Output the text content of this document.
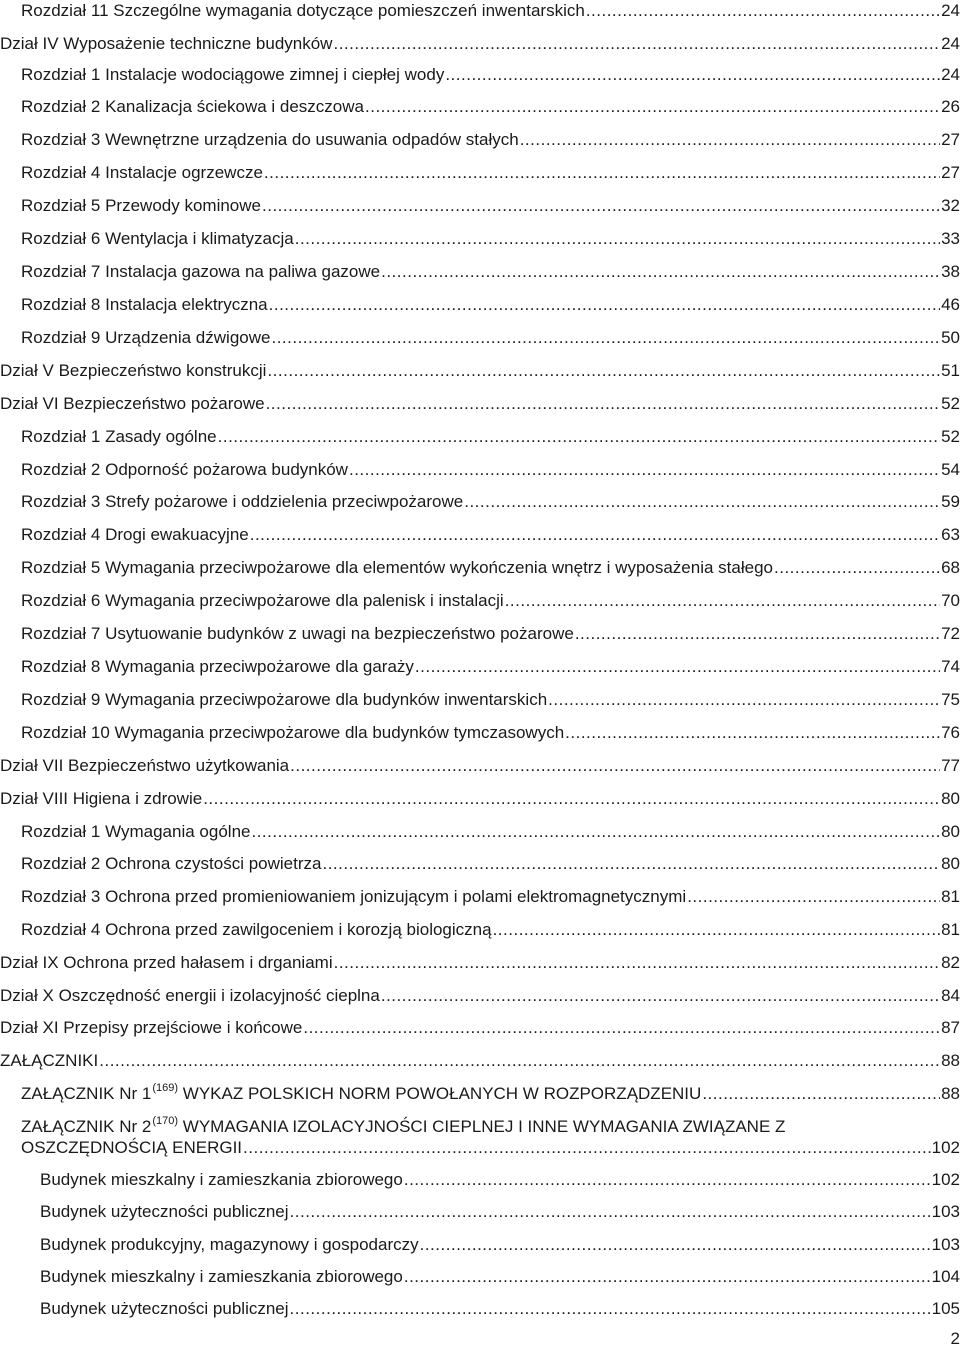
Rozdział 11 Szczególne wymagania dotyczące pomieszczeń inwentarskich .....	24
Dział IV Wyposażenie techniczne budynków .....	24
Rozdział 1 Instalacje wodociągowe zimnej i ciepłej wody .....	24
Rozdział 2 Kanalizacja ściekowa i deszczowa .....	26
Rozdział 3 Wewnętrzne urządzenia do usuwania odpadów stałych .....	27
Rozdział 4 Instalacje ogrzewcze .....	27
Rozdział 5 Przewody kominowe .....	32
Rozdział 6 Wentylacja i klimatyzacja .....	33
Rozdział 7 Instalacja gazowa na paliwa gazowe .....	38
Rozdział 8 Instalacja elektryczna .....	46
Rozdział 9 Urządzenia dźwigowe .....	50
Dział V Bezpieczeństwo konstrukcji .....	51
Dział VI Bezpieczeństwo pożarowe .....	52
Rozdział 1 Zasady ogólne .....	52
Rozdział 2 Odporność pożarowa budynków .....	54
Rozdział 3 Strefy pożarowe i oddzielenia przeciwpożarowe .....	59
Rozdział 4 Drogi ewakuacyjne .....	63
Rozdział 5 Wymagania przeciwpożarowe dla elementów wykończenia wnętrz i wyposażenia stałego .....	68
Rozdział 6 Wymagania przeciwpożarowe dla palenisk i instalacji .....	70
Rozdział 7 Usytuowanie budynków z uwagi na bezpieczeństwo pożarowe .....	72
Rozdział 8 Wymagania przeciwpożarowe dla garaży .....	74
Rozdział 9 Wymagania przeciwpożarowe dla budynków inwentarskich .....	75
Rozdział 10 Wymagania przeciwpożarowe dla budynków tymczasowych .....	76
Dział VII Bezpieczeństwo użytkowania .....	77
Dział VIII Higiena i zdrowie .....	80
Rozdział 1 Wymagania ogólne .....	80
Rozdział 2 Ochrona czystości powietrza .....	80
Rozdział 3 Ochrona przed promieniowaniem jonizującym i polami elektromagnetycznymi .....	81
Rozdział 4 Ochrona przed zawilgoceniem i korozją biologiczną .....	81
Dział IX Ochrona przed hałasem i drganiami .....	82
Dział X Oszczędność energii i izolacyjność cieplna .....	84
Dział XI Przepisy przejściowe i końcowe .....	87
ZAŁĄCZNIKI .....	88
ZAŁĄCZNIK Nr 1$^{(169)}$ WYKAZ POLSKICH NORM POWOŁANYCH W ROZPORZĄDZENIU .....	88
ZAŁĄCZNIK Nr 2$^{(170)}$ WYMAGANIA IZOLACYJNOŚCI CIEPLNEJ I INNE WYMAGANIA ZWIĄZANE Z
OSZCZĘDNOŚCIĄ ENERGII .....	102
Budynek mieszkalny i zamieszkania zbiorowego .....	102
Budynek użyteczności publicznej .....	103
Budynek produkcyjny, magazynowy i gospodarczy .....	103
Budynek mieszkalny i zamieszkania zbiorowego .....	104
Budynek użyteczności publicznej .....	105
2
